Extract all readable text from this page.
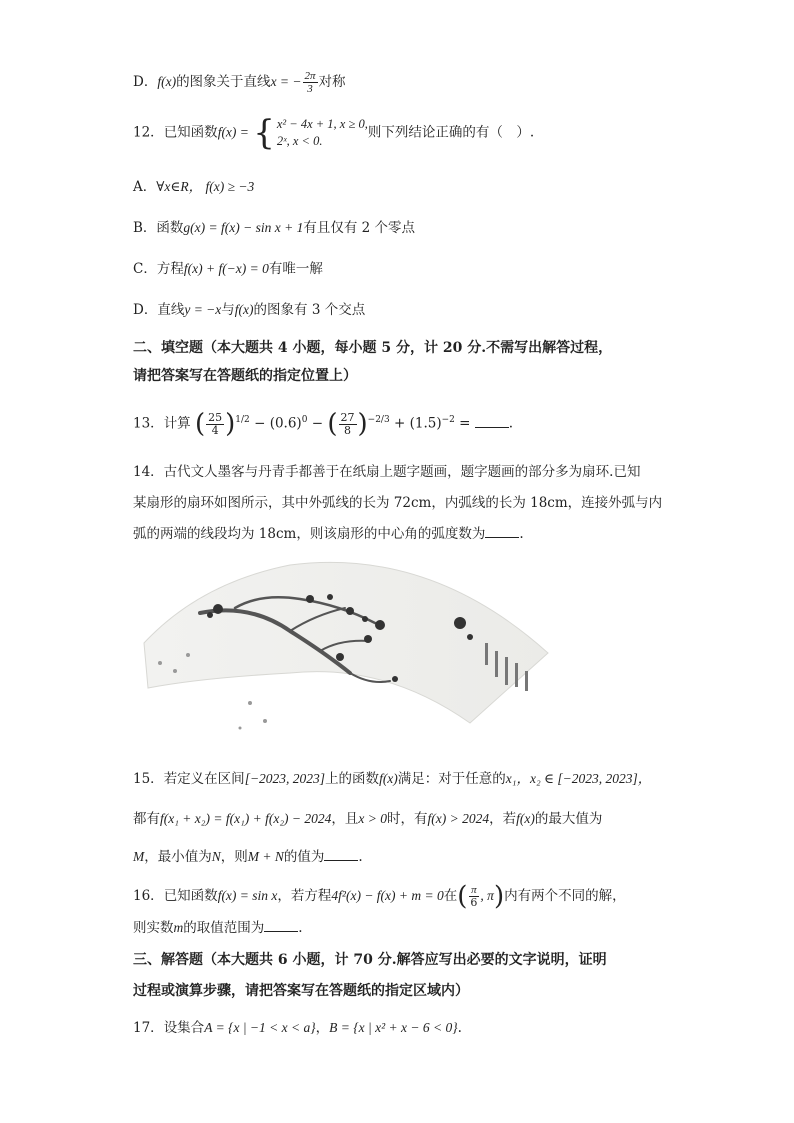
D．f(x)的图象关于直线x = − $\frac{2\pi}{3}$ 对称
12．已知函数f(x) = { x² − 4x + 1, x ≥ 0,
2ˣ, x < 0.
则下列结论正确的有（　）.
A．∀x∈R， f(x) ≥ −3
B．函数g(x) = f(x) − sin x + 1有且仅有 2 个零点
C．方程f(x) + f(−x) = 0有唯一解
D．直线y = −x与f(x)的图象有 3 个交点
二、填空题（本大题共 4 小题，每小题 5 分，计 20 分.不需写出解答过程，
请把答案写在答题纸的指定位置上）
13．计算 ( $\frac{25}{4} )^{1/2} - (0.6)^0$ − ( $\frac{27}{8} )^{-2/3} + (1.5)^{-2}$ =	.
14．古代文人墨客与丹青手都善于在纸扇上题字题画，题字题画的部分多为扇环.已知
某扇形的扇环如图所示，其中外弧线的长为 72cm，内弧线的长为 18cm，连接外弧与内
弧的两端的线段均为 18cm，则该扇形的中心角的弧度数为	.
15．若定义在区间[−2023, 2023]上的函数f(x)满足：对于任意的x₁，x₂ ∈ [−2023, 2023]，
都有f(x₁ + x₂) = f(x₁) + f(x₂) − 2024，且x > 0时，有f(x) > 2024，若f(x)的最大值为
M，最小值为N，则M + N的值为	.
16．已知函数f(x) = sin x，若方程4f²(x) − f(x) + m = 0在( $\frac{\pi}{6}$ , π)内有两个不同的解，
则实数m的取值范围为	.
三、解答题（本大题共 6 小题，计 70 分.解答应写出必要的文字说明，证明
过程或演算步骤，请把答案写在答题纸的指定区域内）
17．设集合A = {x | −1 < x < a}，B = {x | x² + x − 6 < 0}.
